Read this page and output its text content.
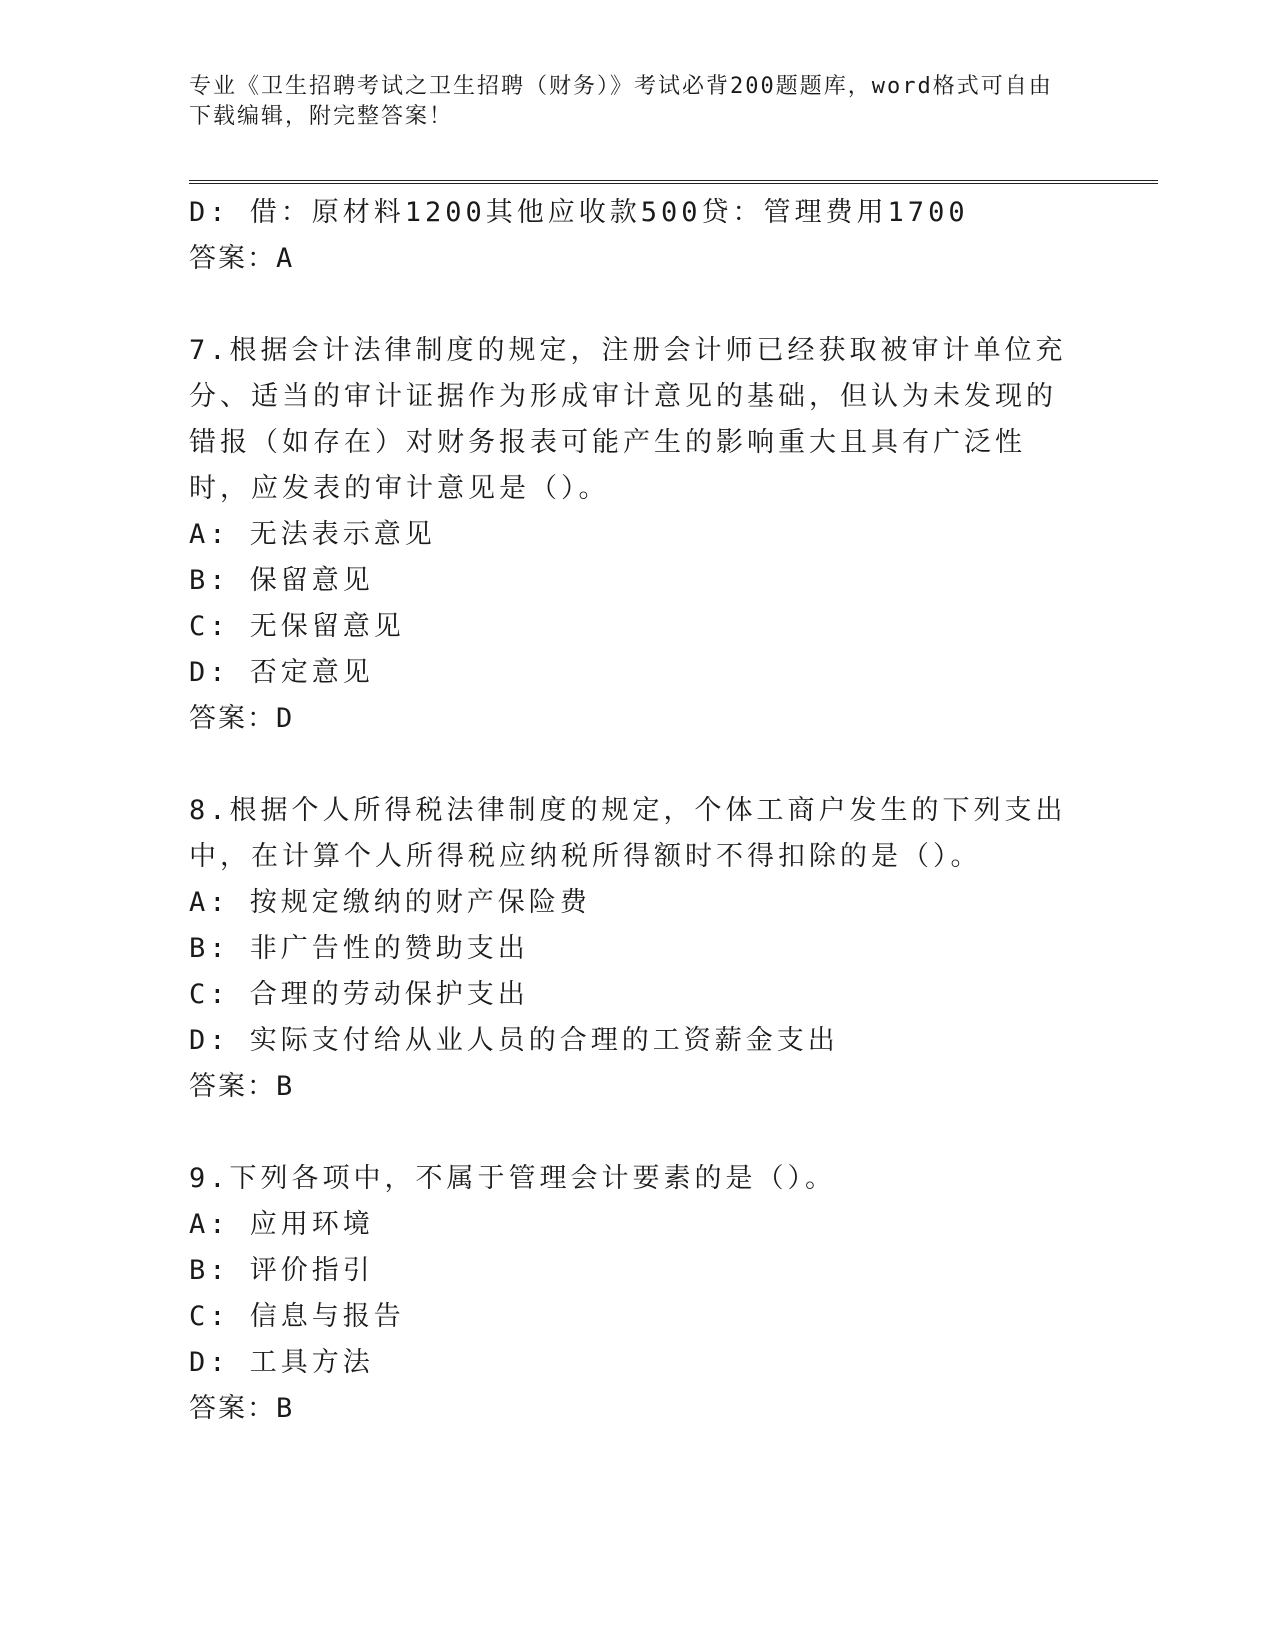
专业《卫生招聘考试之卫生招聘（财务）》考试必背200题题库，word格式可自由下载编辑，附完整答案！
D: 借：原材料1200其他应收款500贷：管理费用1700
答案：A
7.根据会计法律制度的规定，注册会计师已经获取被审计单位充分、适当的审计证据作为形成审计意见的基础，但认为未发现的错报（如存在）对财务报表可能产生的影响重大且具有广泛性时，应发表的审计意见是（）。
A: 无法表示意见
B: 保留意见
C: 无保留意见
D: 否定意见
答案：D
8.根据个人所得税法律制度的规定，个体工商户发生的下列支出中，在计算个人所得税应纳税所得额时不得扣除的是（）。
A: 按规定缴纳的财产保险费
B: 非广告性的赞助支出
C: 合理的劳动保护支出
D: 实际支付给从业人员的合理的工资薪金支出
答案：B
9.下列各项中，不属于管理会计要素的是（）。
A: 应用环境
B: 评价指引
C: 信息与报告
D: 工具方法
答案：B
